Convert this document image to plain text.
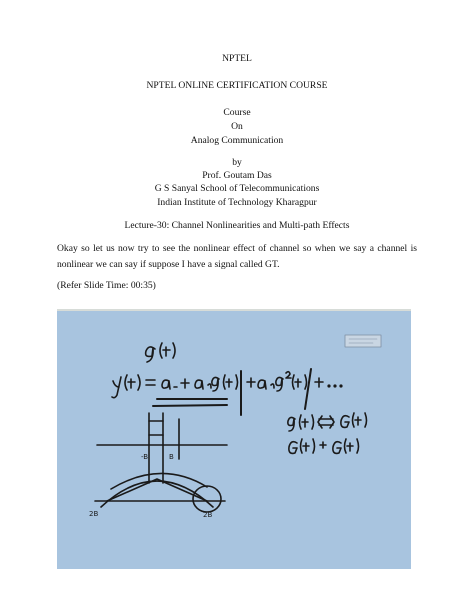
NPTEL
NPTEL ONLINE CERTIFICATION COURSE
Course
On
Analog Communication
by
Prof. Goutam Das
G S Sanyal School of Telecommunications
Indian Institute of Technology Kharagpur
Lecture-30: Channel Nonlinearities and Multi-path Effects
Okay so let us now try to see the nonlinear effect of channel so when we say a channel is nonlinear we can say if suppose I have a signal called GT.
(Refer Slide Time: 00:35)
-B	B
2B	2B
